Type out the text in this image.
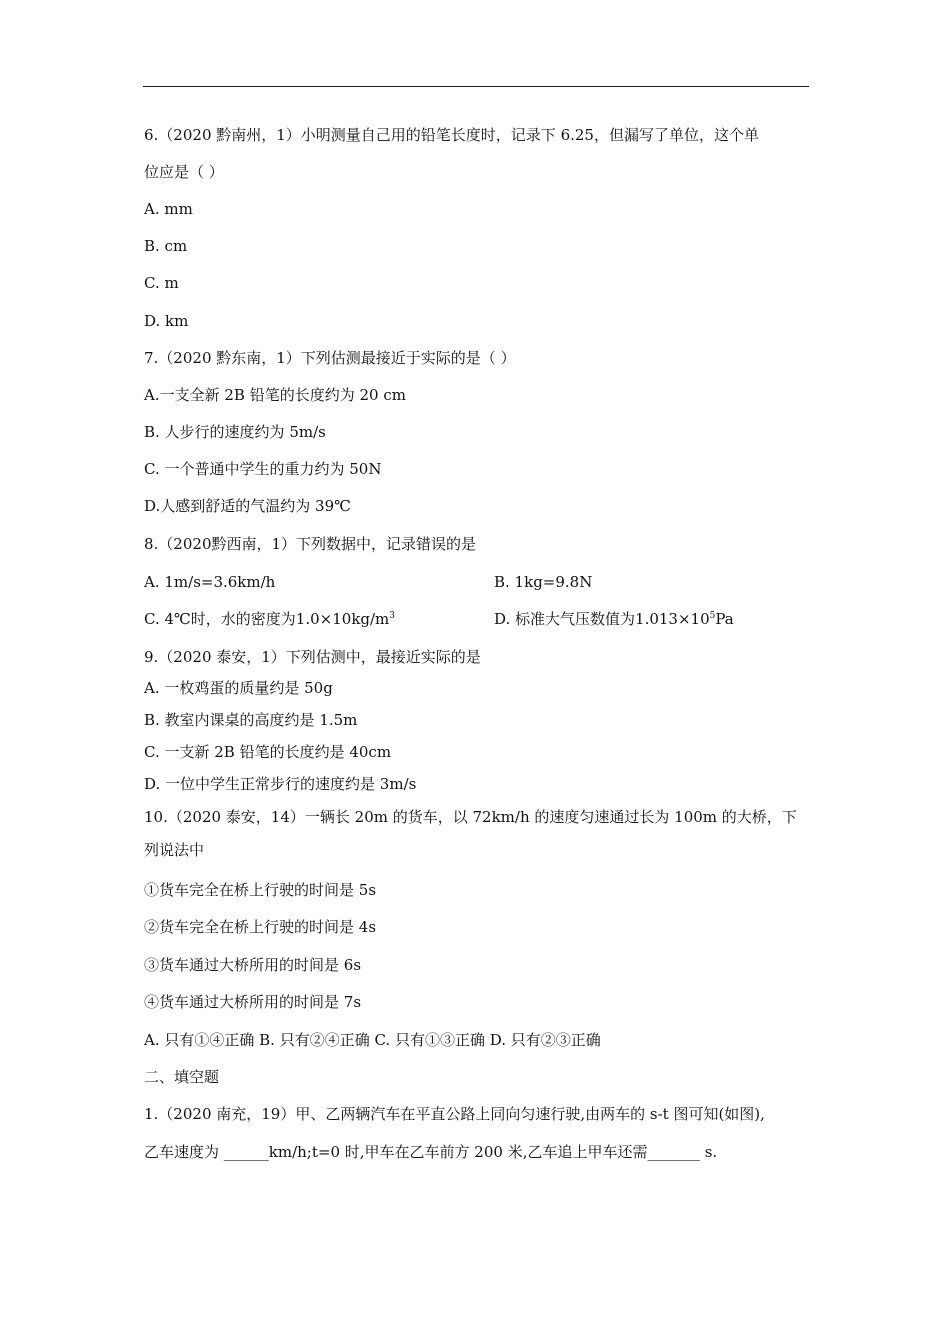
6.（2020 黔南州，1）小明测量自己用的铅笔长度时，记录下 6.25，但漏写了单位，这个单
位应是（ ）
A. mm
B. cm
C. m
D. km
7.（2020 黔东南，1）下列估测最接近于实际的是（ ）
A.一支全新 2B 铅笔的长度约为 20 cm
B. 人步行的速度约为 5m/s
C. 一个普通中学生的重力约为 50N
D.人感到舒适的气温约为 39℃
8.（2020黔西南，1）下列数据中，记录错误的是
A. 1m/s=3.6km/h	B. 1kg=9.8N
C. 4℃时，水的密度为$1.0\times 10kg/m^3$	D. 标准大气压数值为$1.013\times 10^5Pa$
9.（2020 泰安，1）下列估测中，最接近实际的是
A. 一枚鸡蛋的质量约是 50g
B. 教室内课桌的高度约是 1.5m
C. 一支新 2B 铅笔的长度约是 40cm
D. 一位中学生正常步行的速度约是 3m/s
10.（2020 泰安，14）一辆长 20m 的货车，以 72km/h 的速度匀速通过长为 100m 的大桥，下
列说法中
①货车完全在桥上行驶的时间是 5s
②货车完全在桥上行驶的时间是 4s
③货车通过大桥所用的时间是 6s
④货车通过大桥所用的时间是 7s
A. 只有①④正确 B. 只有②④正确 C. 只有①③正确 D. 只有②③正确
二、填空题
1.（2020 南充，19）甲、乙两辆汽车在平直公路上同向匀速行驶,由两车的 s-t 图可知(如图),
乙车速度为 ______km/h;t=0 时,甲车在乙车前方 200 米,乙车追上甲车还需_______ s.
